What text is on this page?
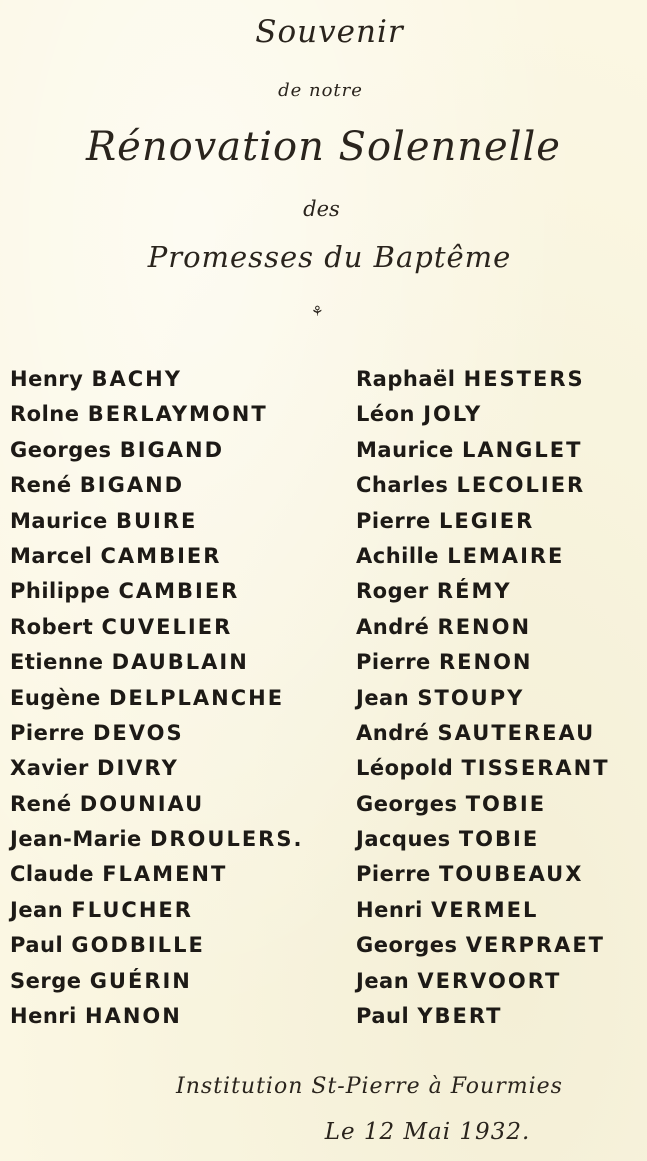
Souvenir
de notre
Rénovation Solennelle
des
Promesses du Baptême
⚘
Henry BACHY
Rolne BERLAYMONT
Georges BIGAND
René BIGAND
Maurice BUIRE
Marcel CAMBIER
Philippe CAMBIER
Robert CUVELIER
Etienne DAUBLAIN
Eugène DELPLANCHE
Pierre DEVOS
Xavier DIVRY
René DOUNIAU
Jean-Marie DROULERS.
Claude FLAMENT
Jean FLUCHER
Paul GODBILLE
Serge GUÉRIN
Henri HANON
Raphaël HESTERS
Léon JOLY
Maurice LANGLET
Charles LECOLIER
Pierre LEGIER
Achille LEMAIRE
Roger RÉMY
André RENON
Pierre RENON
Jean STOUPY
André SAUTEREAU
Léopold TISSERANT
Georges TOBIE
Jacques TOBIE
Pierre TOUBEAUX
Henri VERMEL
Georges VERPRAET
Jean VERVOORT
Paul YBERT
Institution St-Pierre à Fourmies
Le 12 Mai 1932.
